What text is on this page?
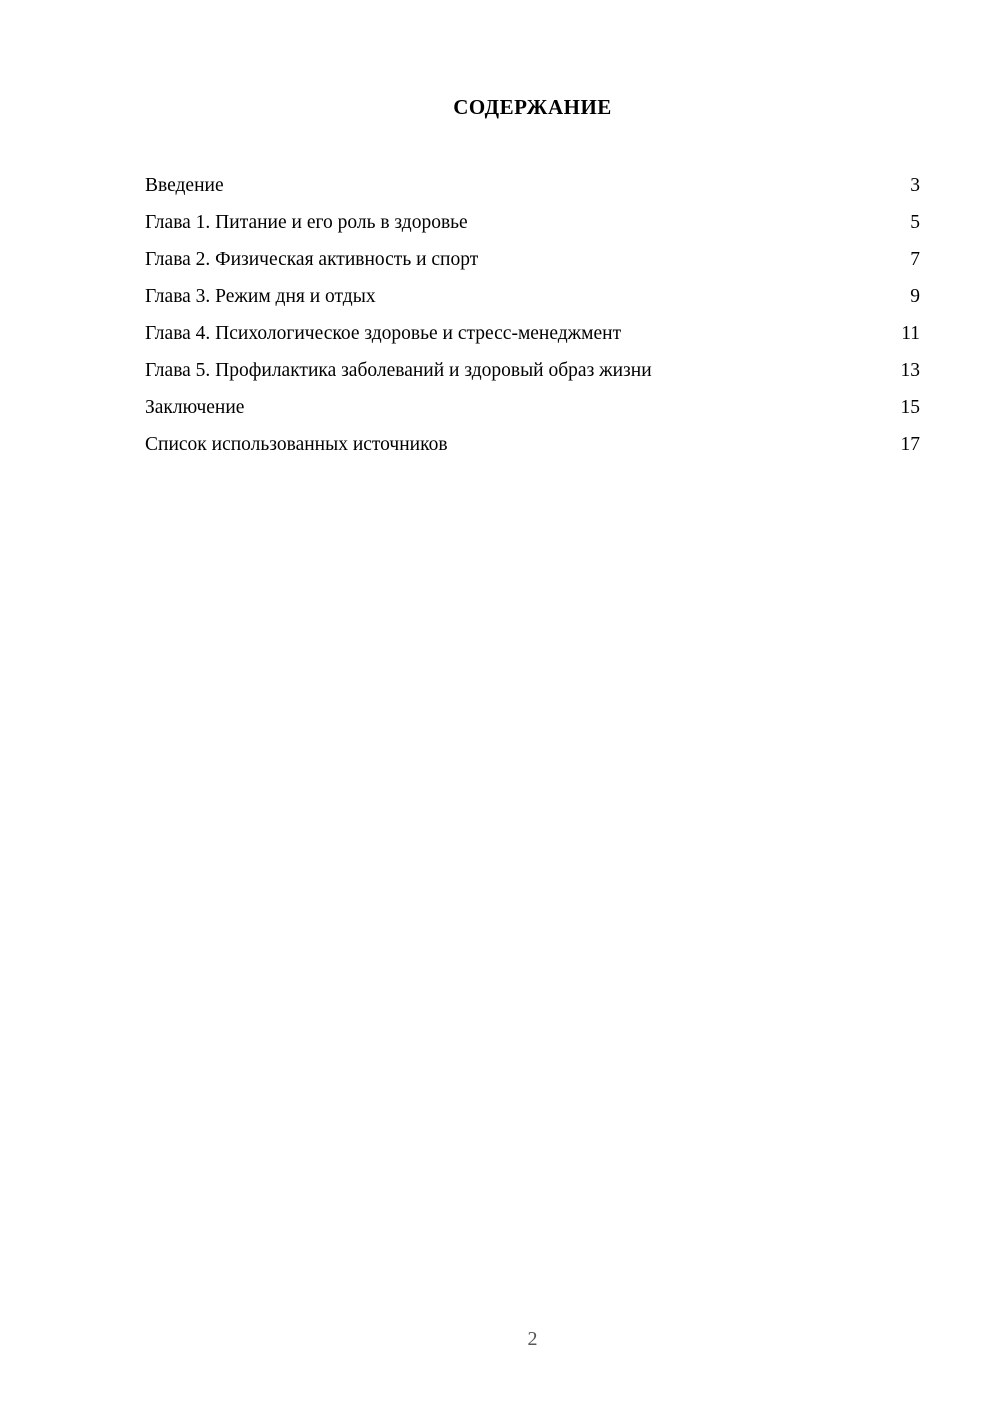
СОДЕРЖАНИЕ
Введение	3
Глава 1. Питание и его роль в здоровье	5
Глава 2. Физическая активность и спорт	7
Глава 3. Режим дня и отдых	9
Глава 4. Психологическое здоровье и стресс-менеджмент	11
Глава 5. Профилактика заболеваний и здоровый образ жизни	13
Заключение	15
Список использованных источников	17
2
